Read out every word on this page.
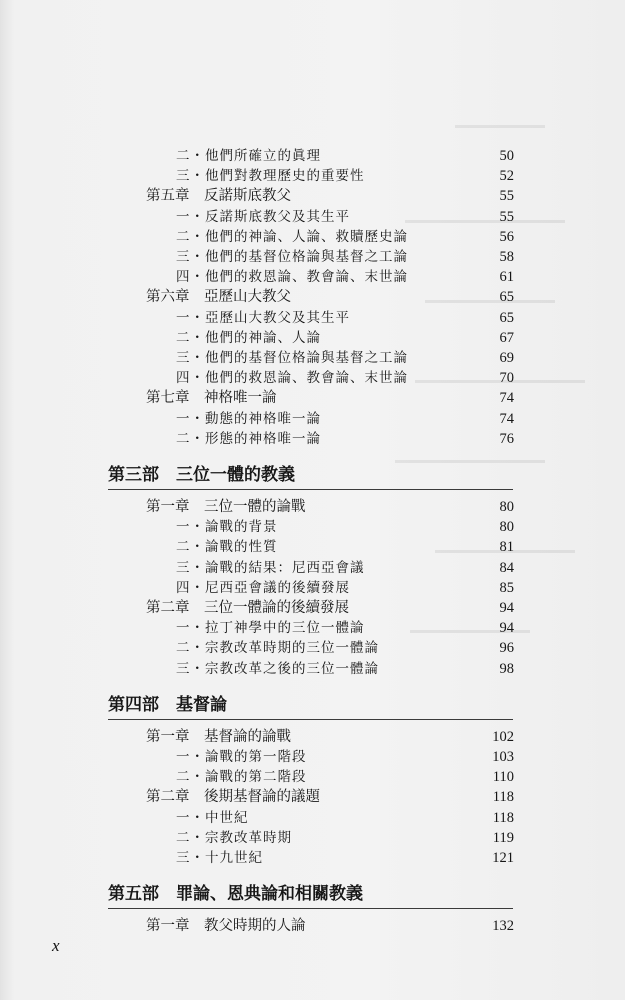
二・他們所確立的眞理	50
三・他們對教理歷史的重要性	52
第五章　反諾斯底教父	55
一・反諾斯底教父及其生平	55
二・他們的神論、人論、救贖歷史論	56
三・他們的基督位格論與基督之工論	58
四・他們的救恩論、教會論、末世論	61
第六章　亞歷山大教父	65
一・亞歷山大教父及其生平	65
二・他們的神論、人論	67
三・他們的基督位格論與基督之工論	69
四・他們的救恩論、教會論、末世論	70
第七章　神格唯一論	74
一・動態的神格唯一論	74
二・形態的神格唯一論	76
第三部　三位一體的教義
第一章　三位一體的論戰	80
一・論戰的背景	80
二・論戰的性質	81
三・論戰的結果：尼西亞會議	84
四・尼西亞會議的後續發展	85
第二章　三位一體論的後續發展	94
一・拉丁神學中的三位一體論	94
二・宗教改革時期的三位一體論	96
三・宗教改革之後的三位一體論	98
第四部　基督論
第一章　基督論的論戰	102
一・論戰的第一階段	103
二・論戰的第二階段	110
第二章　後期基督論的議題	118
一・中世紀	118
二・宗教改革時期	119
三・十九世紀	121
第五部　罪論、恩典論和相關教義
第一章　教父時期的人論	132
x
